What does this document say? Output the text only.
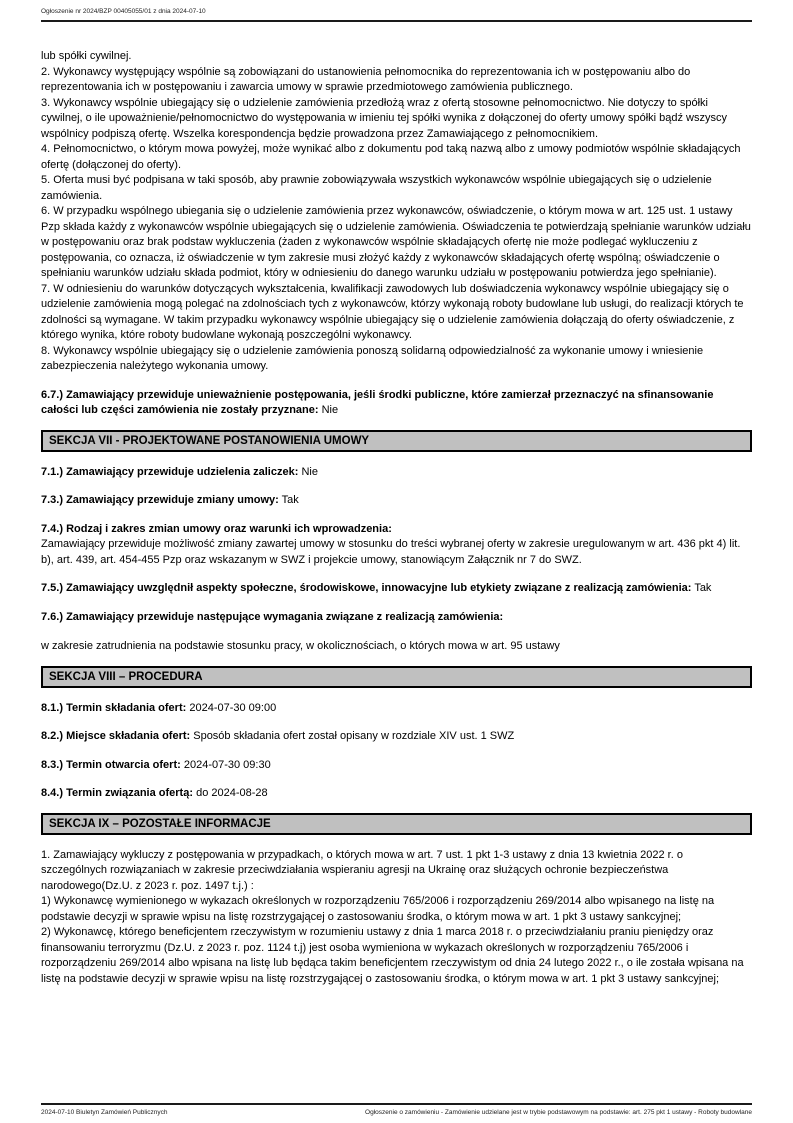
Ogłoszenie nr 2024/BZP 00405055/01 z dnia 2024-07-10
lub spółki cywilnej.
2. Wykonawcy występujący wspólnie są zobowiązani do ustanowienia pełnomocnika do reprezentowania ich w postępowaniu albo do reprezentowania ich w postępowaniu i zawarcia umowy w sprawie przedmiotowego zamówienia publicznego.
3. Wykonawcy wspólnie ubiegający się o udzielenie zamówienia przedłożą wraz z ofertą stosowne pełnomocnictwo. Nie dotyczy to spółki cywilnej, o ile upoważnienie/pełnomocnictwo do występowania w imieniu tej spółki wynika z dołączonej do oferty umowy spółki bądź wszyscy wspólnicy podpiszą ofertę. Wszelka korespondencja będzie prowadzona przez Zamawiającego z pełnomocnikiem.
4. Pełnomocnictwo, o którym mowa powyżej, może wynikać albo z dokumentu pod taką nazwą albo z umowy podmiotów wspólnie składających ofertę (dołączonej do oferty).
5. Oferta musi być podpisana w taki sposób, aby prawnie zobowiązywała wszystkich wykonawców wspólnie ubiegających się o udzielenie zamówienia.
6. W przypadku wspólnego ubiegania się o udzielenie zamówienia przez wykonawców, oświadczenie, o którym mowa w art. 125 ust. 1 ustawy Pzp składa każdy z wykonawców wspólnie ubiegających się o udzielenie zamówienia. Oświadczenia te potwierdzają spełnianie warunków udziału w postępowaniu oraz brak podstaw wykluczenia (żaden z wykonawców wspólnie składających ofertę nie może podlegać wykluczeniu z postępowania, co oznacza, iż oświadczenie w tym zakresie musi złożyć każdy z wykonawców składających ofertę wspólną; oświadczenie o spełnianiu warunków udziału składa podmiot, który w odniesieniu do danego warunku udziału w postępowaniu potwierdza jego spełnianie).
7. W odniesieniu do warunków dotyczących wykształcenia, kwalifikacji zawodowych lub doświadczenia wykonawcy wspólnie ubiegający się o udzielenie zamówienia mogą polegać na zdolnościach tych z wykonawców, którzy wykonają roboty budowlane lub usługi, do realizacji których te zdolności są wymagane. W takim przypadku wykonawcy wspólnie ubiegający się o udzielenie zamówienia dołączają do oferty oświadczenie, z którego wynika, które roboty budowlane wykonają poszczególni wykonawcy.
8. Wykonawcy wspólnie ubiegający się o udzielenie zamówienia ponoszą solidarną odpowiedzialność za wykonanie umowy i wniesienie zabezpieczenia należytego wykonania umowy.
6.7.) Zamawiający przewiduje unieważnienie postępowania, jeśli środki publiczne, które zamierzał przeznaczyć na sfinansowanie całości lub części zamówienia nie zostały przyznane: Nie
SEKCJA VII - PROJEKTOWANE POSTANOWIENIA UMOWY
7.1.) Zamawiający przewiduje udzielenia zaliczek: Nie
7.3.) Zamawiający przewiduje zmiany umowy: Tak
7.4.) Rodzaj i zakres zmian umowy oraz warunki ich wprowadzenia:
Zamawiający przewiduje możliwość zmiany zawartej umowy w stosunku do treści wybranej oferty w zakresie uregulowanym w art. 436 pkt 4) lit. b), art. 439, art. 454-455 Pzp oraz wskazanym w SWZ i projekcie umowy, stanowiącym Załącznik nr 7 do SWZ.
7.5.) Zamawiający uwzględnił aspekty społeczne, środowiskowe, innowacyjne lub etykiety związane z realizacją zamówienia: Tak
7.6.) Zamawiający przewiduje następujące wymagania związane z realizacją zamówienia:
w zakresie zatrudnienia na podstawie stosunku pracy, w okolicznościach, o których mowa w art. 95 ustawy
SEKCJA VIII – PROCEDURA
8.1.) Termin składania ofert: 2024-07-30 09:00
8.2.) Miejsce składania ofert: Sposób składania ofert został opisany w rozdziale XIV ust. 1 SWZ
8.3.) Termin otwarcia ofert: 2024-07-30 09:30
8.4.) Termin związania ofertą: do 2024-08-28
SEKCJA IX – POZOSTAŁE INFORMACJE
1. Zamawiający wykluczy z postępowania w przypadkach, o których mowa w art. 7 ust. 1 pkt 1-3 ustawy z dnia 13 kwietnia 2022 r. o szczególnych rozwiązaniach w zakresie przeciwdziałania wspieraniu agresji na Ukrainę oraz służących ochronie bezpieczeństwa narodowego(Dz.U. z 2023 r. poz. 1497 t.j.) :
1) Wykonawcę wymienionego w wykazach określonych w rozporządzeniu 765/2006 i rozporządzeniu 269/2014 albo wpisanego na listę na podstawie decyzji w sprawie wpisu na listę rozstrzygającej o zastosowaniu środka, o którym mowa w art. 1 pkt 3 ustawy sankcyjnej;
2) Wykonawcę, którego beneficjentem rzeczywistym w rozumieniu ustawy z dnia 1 marca 2018 r. o przeciwdziałaniu praniu pieniędzy oraz finansowaniu terroryzmu (Dz.U. z 2023 r. poz. 1124 t.j) jest osoba wymieniona w wykazach określonych w rozporządzeniu 765/2006 i rozporządzeniu 269/2014 albo wpisana na listę lub będąca takim beneficjentem rzeczywistym od dnia 24 lutego 2022 r., o ile została wpisana na listę na podstawie decyzji w sprawie wpisu na listę rozstrzygającej o zastosowaniu środka, o którym mowa w art. 1 pkt 3 ustawy sankcyjnej;
2024-07-10 Biuletyn Zamówień Publicznych	Ogłoszenie o zamówieniu - Zamówienie udzielane jest w trybie podstawowym na podstawie: art. 275 pkt 1 ustawy - Roboty budowlane
